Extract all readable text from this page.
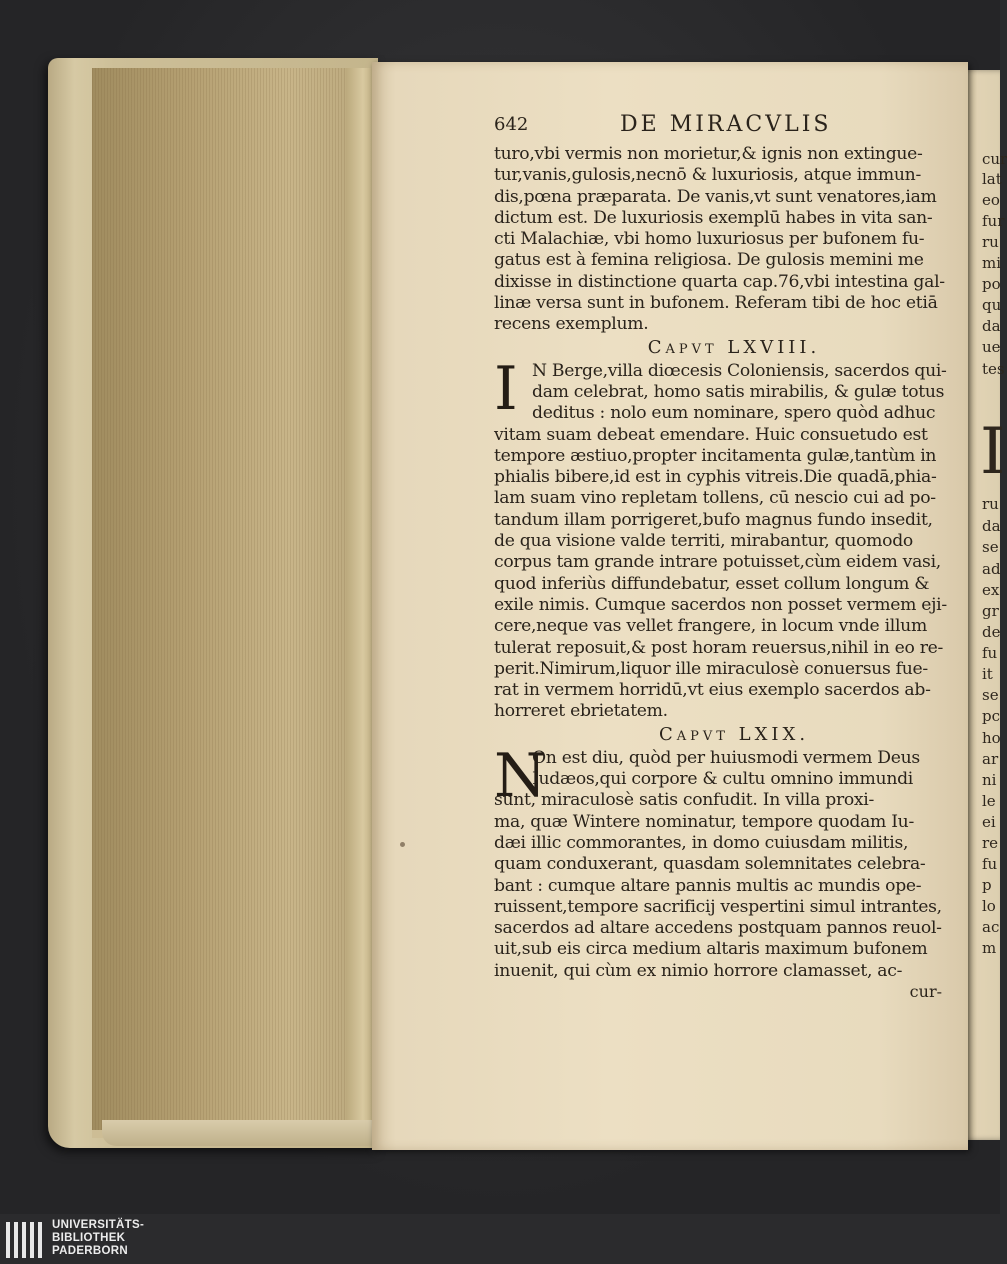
I
cur
lat
eo
fur
ru
mi
po
qu
da
ue
tes
ru
da
se
ad
ex
gr
de
fu
it
se
pc
ho
ar
ni
le
ei
re
fu
p
lo
ac
m
642	DE MIRACVLIS
turo,vbi vermis non morietur,& ignis non extingue-
tur,vanis,gulosis,necnō & luxuriosis, atque immun-
dis,pœna præparata. De vanis,vt sunt venatores,iam
dictum est. De luxuriosis exemplū habes in vita san-
cti Malachiæ, vbi homo luxuriosus per bufonem fu-
gatus est à femina religiosa. De gulosis memini me
dixisse in distinctione quarta cap.76,vbi intestina gal-
linæ versa sunt in bufonem. Referam tibi de hoc etiā
recens exemplum.
Capvt LXVIII.
I N Berge,villa diœcesis Coloniensis, sacerdos qui-
dam celebrat, homo satis mirabilis, & gulæ totus
deditus : nolo eum nominare, spero quòd adhuc
vitam suam debeat emendare. Huic consuetudo est
tempore æstiuo,propter incitamenta gulæ,tantùm in
phialis bibere,id est in cyphis vitreis.Die quadā,phia-
lam suam vino repletam tollens, cū nescio cui ad po-
tandum illam porrigeret,bufo magnus fundo insedit,
de qua visione valde territi, mirabantur, quomodo
corpus tam grande intrare potuisset,cùm eidem vasi,
quod inferiùs diffundebatur, esset collum longum &
exile nimis. Cumque sacerdos non posset vermem eji-
cere,neque vas vellet frangere, in locum vnde illum
tulerat reposuit,& post horam reuersus,nihil in eo re-
perit.Nimirum,liquor ille miraculosè conuersus fue-
rat in vermem horridū,vt eius exemplo sacerdos ab-
horreret ebrietatem.
Capvt LXIX.
N
On est diu, quòd per huiusmodi vermem Deus
Iudæos,qui corpore & cultu omnino immundi
sunt, miraculosè satis confudit. In villa proxi-
ma, quæ Wintere nominatur, tempore quodam Iu-
dæi illic commorantes, in domo cuiusdam militis,
quam conduxerant, quasdam solemnitates celebra-
bant : cumque altare pannis multis ac mundis ope-
ruissent,tempore sacrificij vespertini simul intrantes,
sacerdos ad altare accedens postquam pannos reuol-
uit,sub eis circa medium altaris maximum bufonem
inuenit, qui cùm ex nimio horrore clamasset, ac-
cur-
UNIVERSITÄTS-
BIBLIOTHEK
PADERBORN
